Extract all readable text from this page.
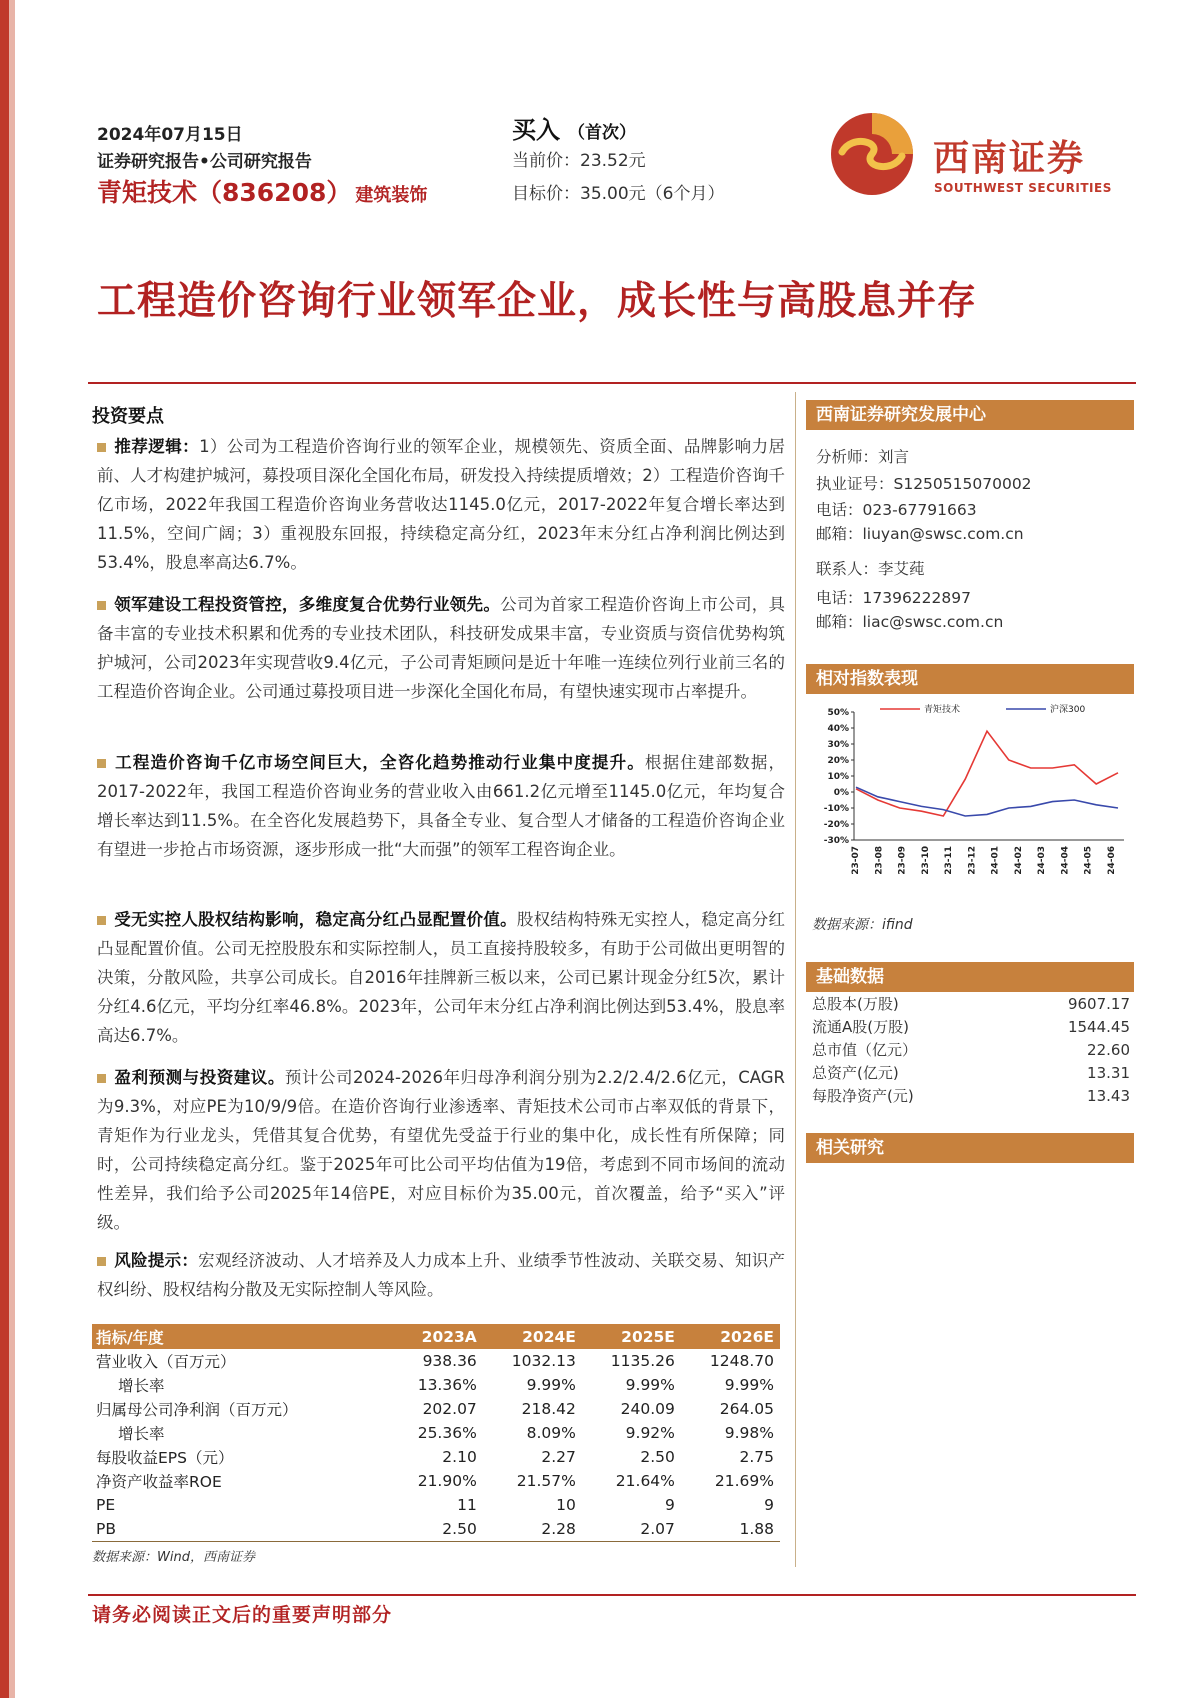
2024年07月15日
证券研究报告•公司研究报告
青矩技术（836208） 建筑装饰
买入 （首次）
当前价：23.52元
目标价：35.00元（6个月）
西南证券
SOUTHWEST SECURITIES
工程造价咨询行业领军企业，成长性与高股息并存
投资要点
推荐逻辑：1）公司为工程造价咨询行业的领军企业，规模领先、资质全面、品牌影响力居前、人才构建护城河，募投项目深化全国化布局，研发投入持续提质增效；2）工程造价咨询千亿市场，2022年我国工程造价咨询业务营收达1145.0亿元，2017-2022年复合增长率达到11.5%，空间广阔；3）重视股东回报，持续稳定高分红，2023年末分红占净利润比例达到53.4%，股息率高达6.7%。
领军建设工程投资管控，多维度复合优势行业领先。公司为首家工程造价咨询上市公司，具备丰富的专业技术积累和优秀的专业技术团队，科技研发成果丰富，专业资质与资信优势构筑护城河，公司2023年实现营收9.4亿元，子公司青矩顾问是近十年唯一连续位列行业前三名的工程造价咨询企业。公司通过募投项目进一步深化全国化布局，有望快速实现市占率提升。
工程造价咨询千亿市场空间巨大，全咨化趋势推动行业集中度提升。根据住建部数据，2017-2022年，我国工程造价咨询业务的营业收入由661.2亿元增至1145.0亿元，年均复合增长率达到11.5%。在全咨化发展趋势下，具备全专业、复合型人才储备的工程造价咨询企业有望进一步抢占市场资源，逐步形成一批“大而强”的领军工程咨询企业。
受无实控人股权结构影响，稳定高分红凸显配置价值。股权结构特殊无实控人，稳定高分红凸显配置价值。公司无控股股东和实际控制人，员工直接持股较多，有助于公司做出更明智的决策，分散风险，共享公司成长。自2016年挂牌新三板以来，公司已累计现金分红5次，累计分红4.6亿元，平均分红率46.8%。2023年，公司年末分红占净利润比例达到53.4%，股息率高达6.7%。
盈利预测与投资建议。预计公司2024-2026年归母净利润分别为2.2/2.4/2.6亿元，CAGR为9.3%，对应PE为10/9/9倍。在造价咨询行业渗透率、青矩技术公司市占率双低的背景下，青矩作为行业龙头，凭借其复合优势，有望优先受益于行业的集中化，成长性有所保障；同时，公司持续稳定高分红。鉴于2025年可比公司平均估值为19倍，考虑到不同市场间的流动性差异，我们给予公司2025年14倍PE，对应目标价为35.00元，首次覆盖，给予“买入”评级。
风险提示：宏观经济波动、人才培养及人力成本上升、业绩季节性波动、关联交易、知识产权纠纷、股权结构分散及无实际控制人等风险。
西南证券研究发展中心
分析师：刘言
执业证号：S1250515070002
电话：023-67791663
邮箱：liuyan@swsc.com.cn
联系人：李艾莼
电话：17396222897
邮箱：liac@swsc.com.cn
相对指数表现
50%
40%
30%
20%
10%
0%
-10%
-20%
-30%
23-07 23-08 23-09 23-10 23-11 23-12 24-01 24-02 24-03 24-04 24-05 24-06
青矩技术	沪深300
数据来源：ifind
基础数据
总股本(万股)	9607.17
流通A股(万股)	1544.45
总市值（亿元）	22.60
总资产(亿元)	13.31
每股净资产(元)	13.43
相关研究
指标/年度	2023A	2024E	2025E	2026E
营业收入（百万元）	938.36	1032.13	1135.26	1248.70
增长率	13.36%	9.99%	9.99%	9.99%
归属母公司净利润（百万元）	202.07	218.42	240.09	264.05
增长率	25.36%	8.09%	9.92%	9.98%
每股收益EPS（元）	2.10	2.27	2.50	2.75
净资产收益率ROE	21.90%	21.57%	21.64%	21.69%
PE	11	10	9	9
PB	2.50	2.28	2.07	1.88
数据来源：Wind，西南证券
请务必阅读正文后的重要声明部分
